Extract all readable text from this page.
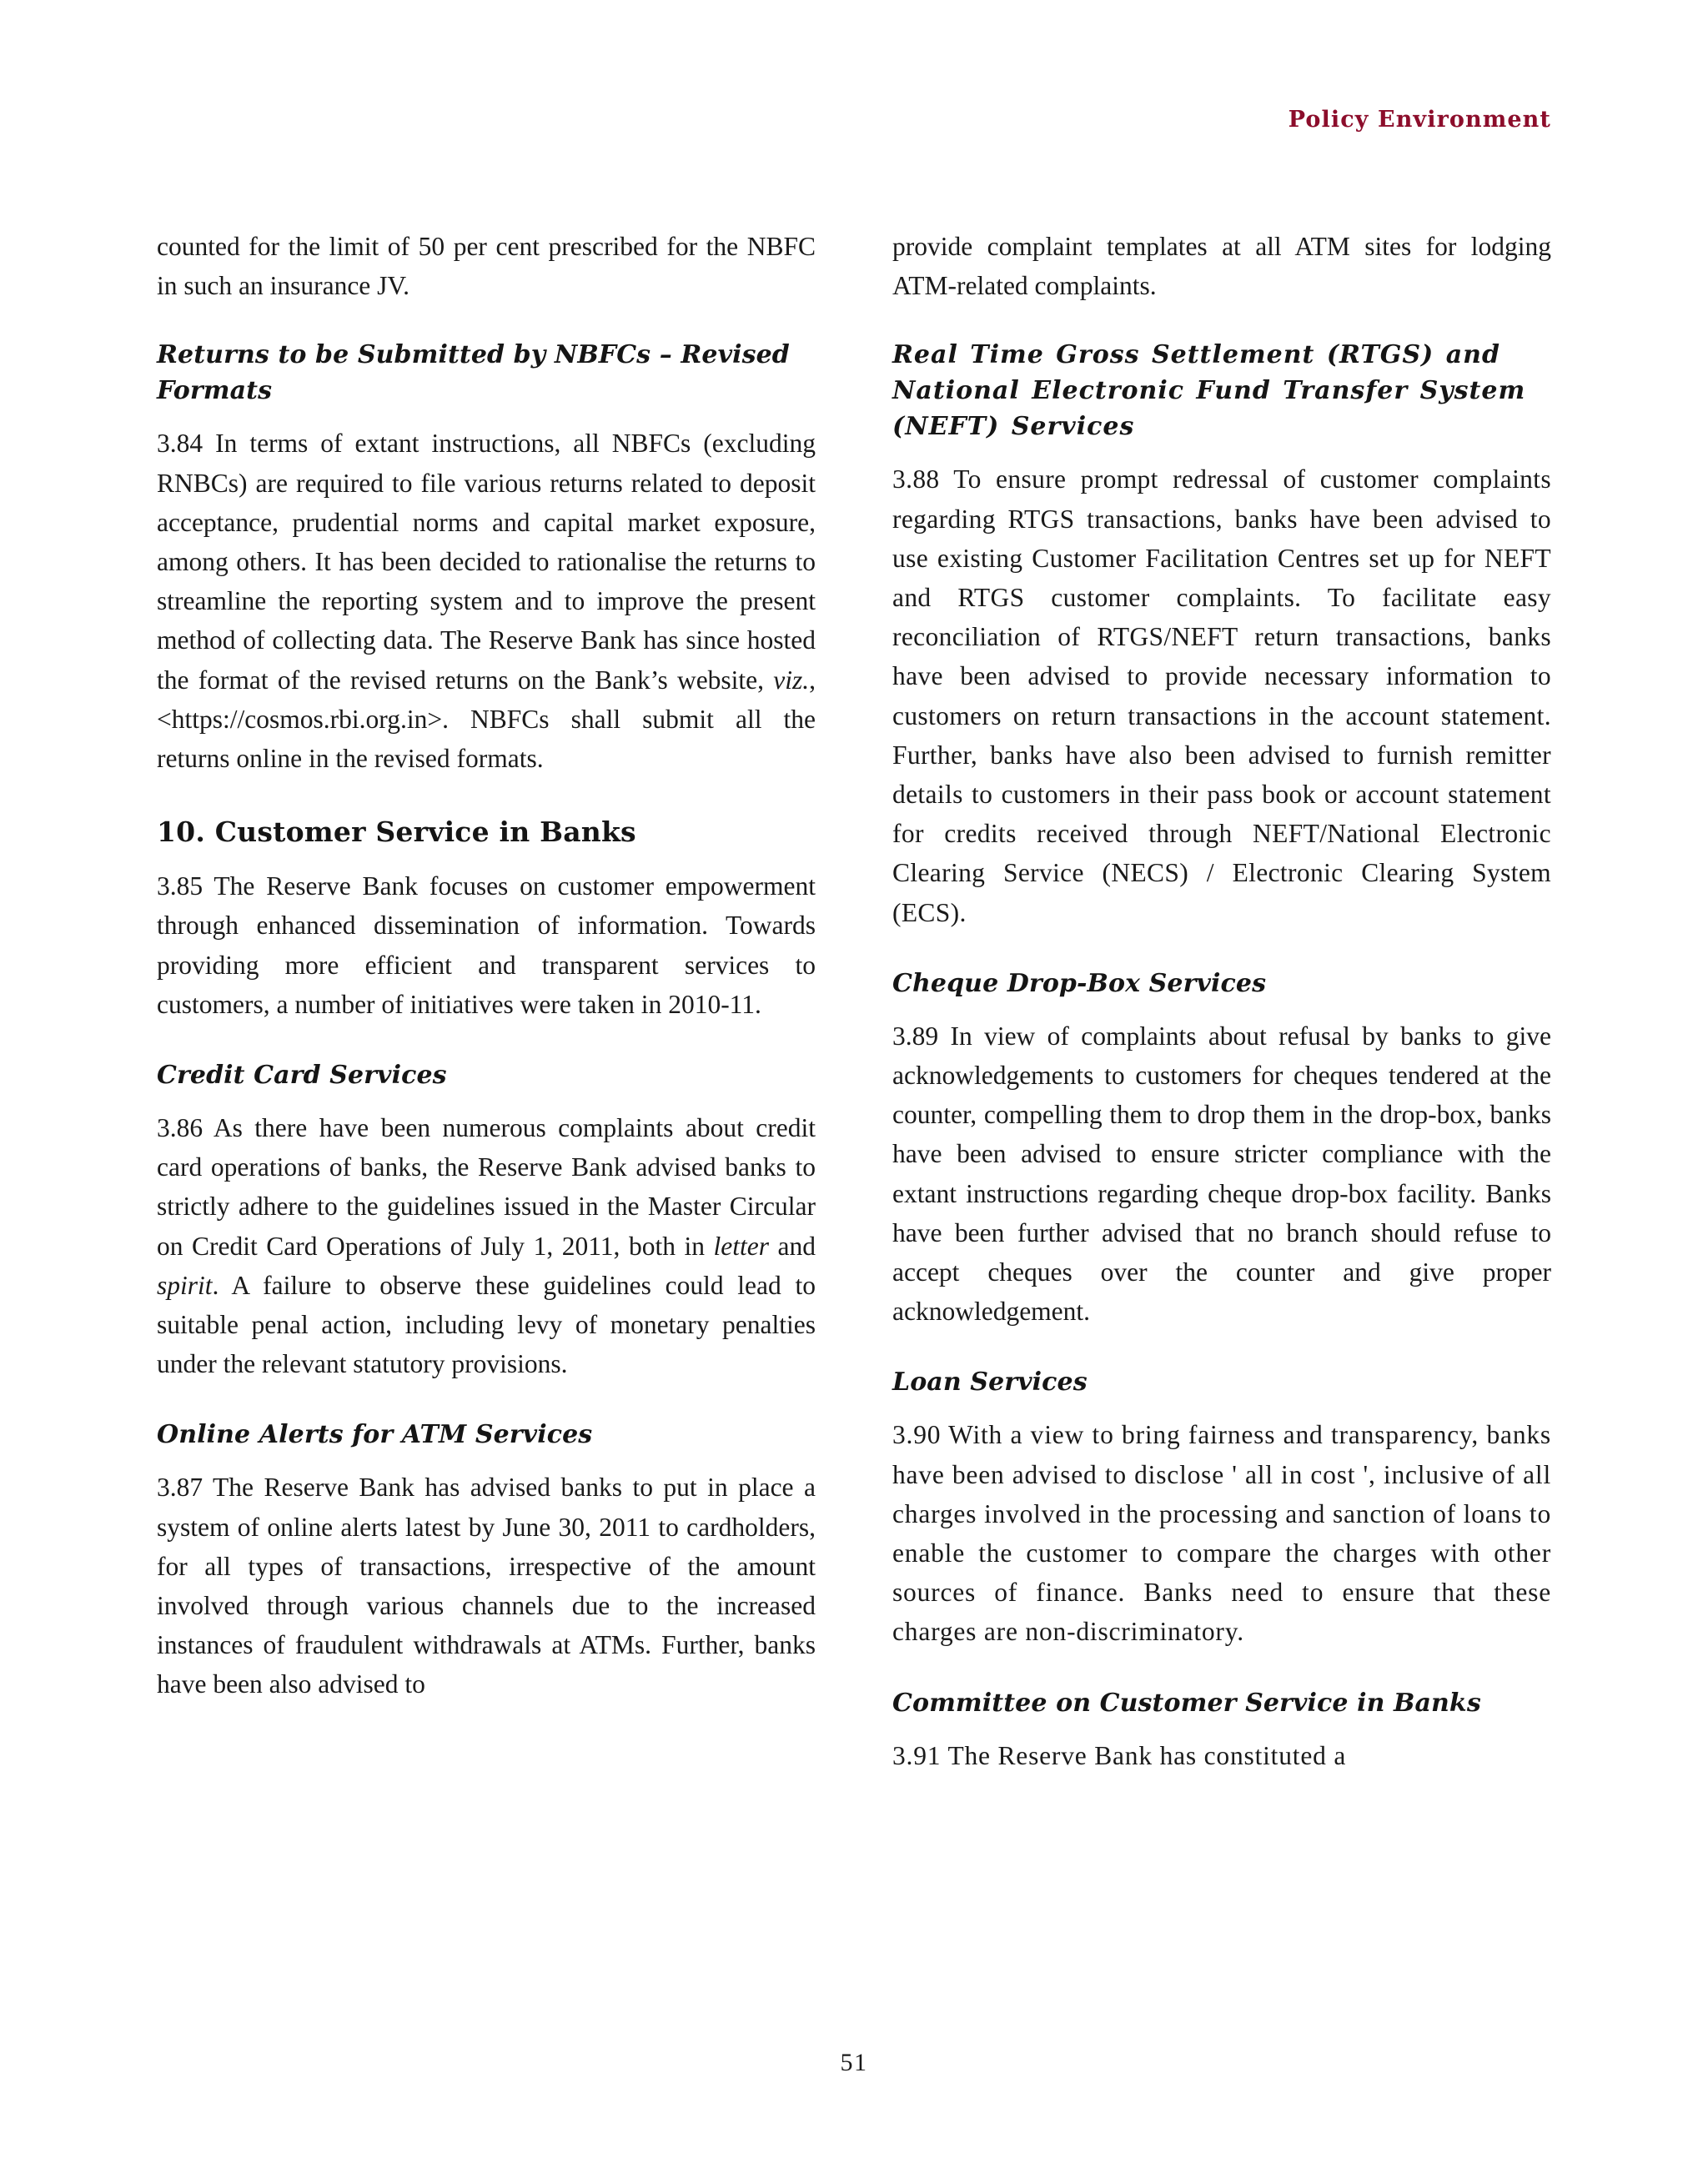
Policy Environment

counted for the limit of 50 per cent prescribed for the NBFC in such an insurance JV.

Returns to be Submitted by NBFCs – Revised Formats

3.84 In terms of extant instructions, all NBFCs (excluding RNBCs) are required to file various returns related to deposit acceptance, prudential norms and capital market exposure, among others. It has been decided to rationalise the returns to streamline the reporting system and to improve the present method of collecting data. The Reserve Bank has since hosted the format of the revised returns on the Bank’s website, viz., <https://cosmos.rbi.org.in>. NBFCs shall submit all the returns online in the revised formats.

10. Customer Service in Banks

3.85 The Reserve Bank focuses on customer empowerment through enhanced dissemination of information. Towards providing more efficient and transparent services to customers, a number of initiatives were taken in 2010-11.

Credit Card Services

3.86 As there have been numerous complaints about credit card operations of banks, the Reserve Bank advised banks to strictly adhere to the guidelines issued in the Master Circular on Credit Card Operations of July 1, 2011, both in letter and spirit. A failure to observe these guidelines could lead to suitable penal action, including levy of monetary penalties under the relevant statutory provisions.

Online Alerts for ATM Services

3.87 The Reserve Bank has advised banks to put in place a system of online alerts latest by June 30, 2011 to cardholders, for all types of transactions, irrespective of the amount involved through various channels due to the increased instances of fraudulent withdrawals at ATMs. Further, banks have been also advised to

provide complaint templates at all ATM sites for lodging ATM-related complaints.

Real Time Gross Settlement (RTGS) and National Electronic Fund Transfer System (NEFT) Services

3.88 To ensure prompt redressal of customer complaints regarding RTGS transactions, banks have been advised to use existing Customer Facilitation Centres set up for NEFT and RTGS customer complaints. To facilitate easy reconciliation of RTGS/NEFT return transactions, banks have been advised to provide necessary information to customers on return transactions in the account statement. Further, banks have also been advised to furnish remitter details to customers in their pass book or account statement for credits received through NEFT/National Electronic Clearing Service (NECS) / Electronic Clearing System (ECS).

Cheque Drop-Box Services

3.89 In view of complaints about refusal by banks to give acknowledgements to customers for cheques tendered at the counter, compelling them to drop them in the drop-box, banks have been advised to ensure stricter compliance with the extant instructions regarding cheque drop-box facility. Banks have been further advised that no branch should refuse to accept cheques over the counter and give proper acknowledgement.

Loan Services

3.90 With a view to bring fairness and transparency, banks have been advised to disclose ' all in cost ', inclusive of all charges involved in the processing and sanction of loans to enable the customer to compare the charges with other sources of finance. Banks need to ensure that these charges are non-discriminatory.

Committee on Customer Service in Banks

3.91 The Reserve Bank has constituted a

51
